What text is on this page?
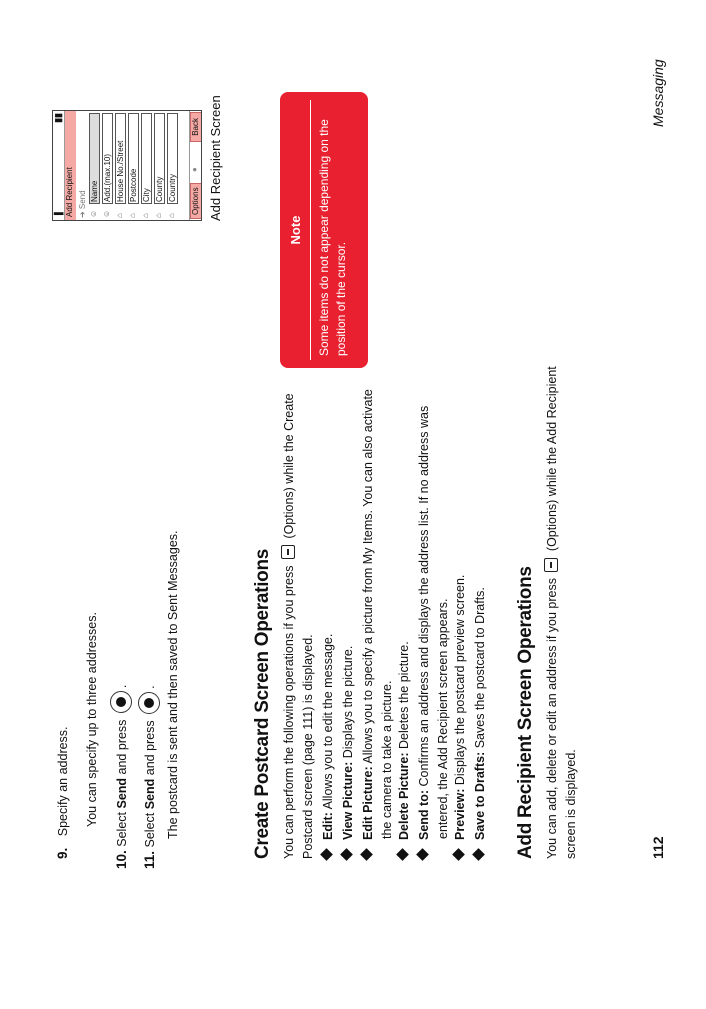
9. Specify an address. You can specify up to three addresses.
10. Select Send and press .
11. Select Send and press . The postcard is sent and then saved to Sent Messages.	Create Postcard Screen Operations You can perform the following operations if you press  (Options) while the Create
Postcard screen (page 111) is displayed. Edit: Allows you to edit the message. View Picture: Displays the picture.
Edit Picture: Allows you to specify a picture from My Items. You can also activate the camera to take a picture. Delete Picture: Deletes the picture.
Send to: Confirms an address and displays the address list. If no address was entered, the Add Recipient screen appears. Preview: Displays the postcard preview screen.
Save to Drafts: Saves the postcard to Drafts. Add Recipient Screen Operations You can add, delete or edit an address if you press  (Options) while the Add Recipient
screen is displayed.
▐
▮▮
Add Recipient ➔ Send
☺
Name
☺
Add.(max.10)
⌂
House No./Street
⌂
Postcode
⌂
City
⌂
County
⌂
Country Options
●
Back Add Recipient Screen
Note Some items do not appear depending on the position of the cursor.
112
Messaging
